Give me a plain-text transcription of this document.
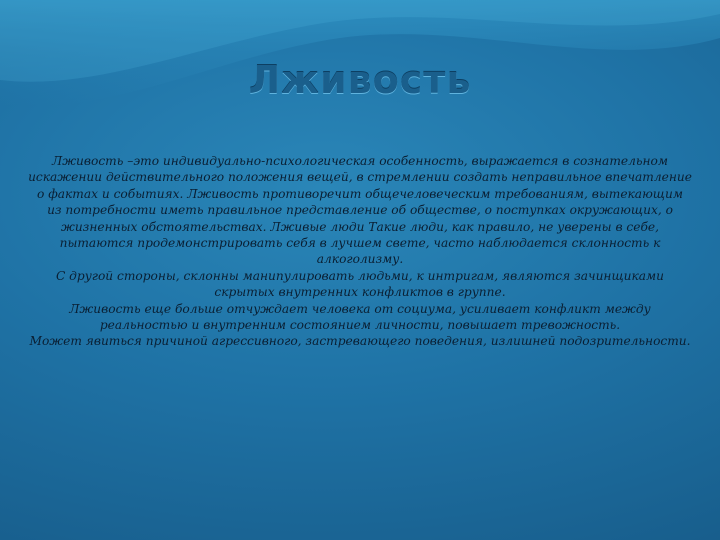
Лживость

Лживость –это индивидуально-психологическая особенность, выражается в сознательном искажении действительного положения вещей, в стремлении создать неправильное впечатление о фактах и событиях. Лживость противоречит общечеловеческим требованиям, вытекающим из потребности иметь правильное представление об обществе, о поступках окружающих, о жизненных обстоятельствах. Лживые люди Такие люди, как правило, не уверены в себе, пытаются продемонстрировать себя в лучшем свете, часто наблюдается склонность к алкоголизму.

С другой стороны, склонны манипулировать людьми, к интригам, являются зачинщиками скрытых внутренних конфликтов в группе.

Лживость еще больше отчуждает человека от социума, усиливает конфликт между реальностью и внутренним состоянием личности, повышает тревожность.

Может явиться причиной агрессивного, застревающего поведения, излишней подозрительности.
